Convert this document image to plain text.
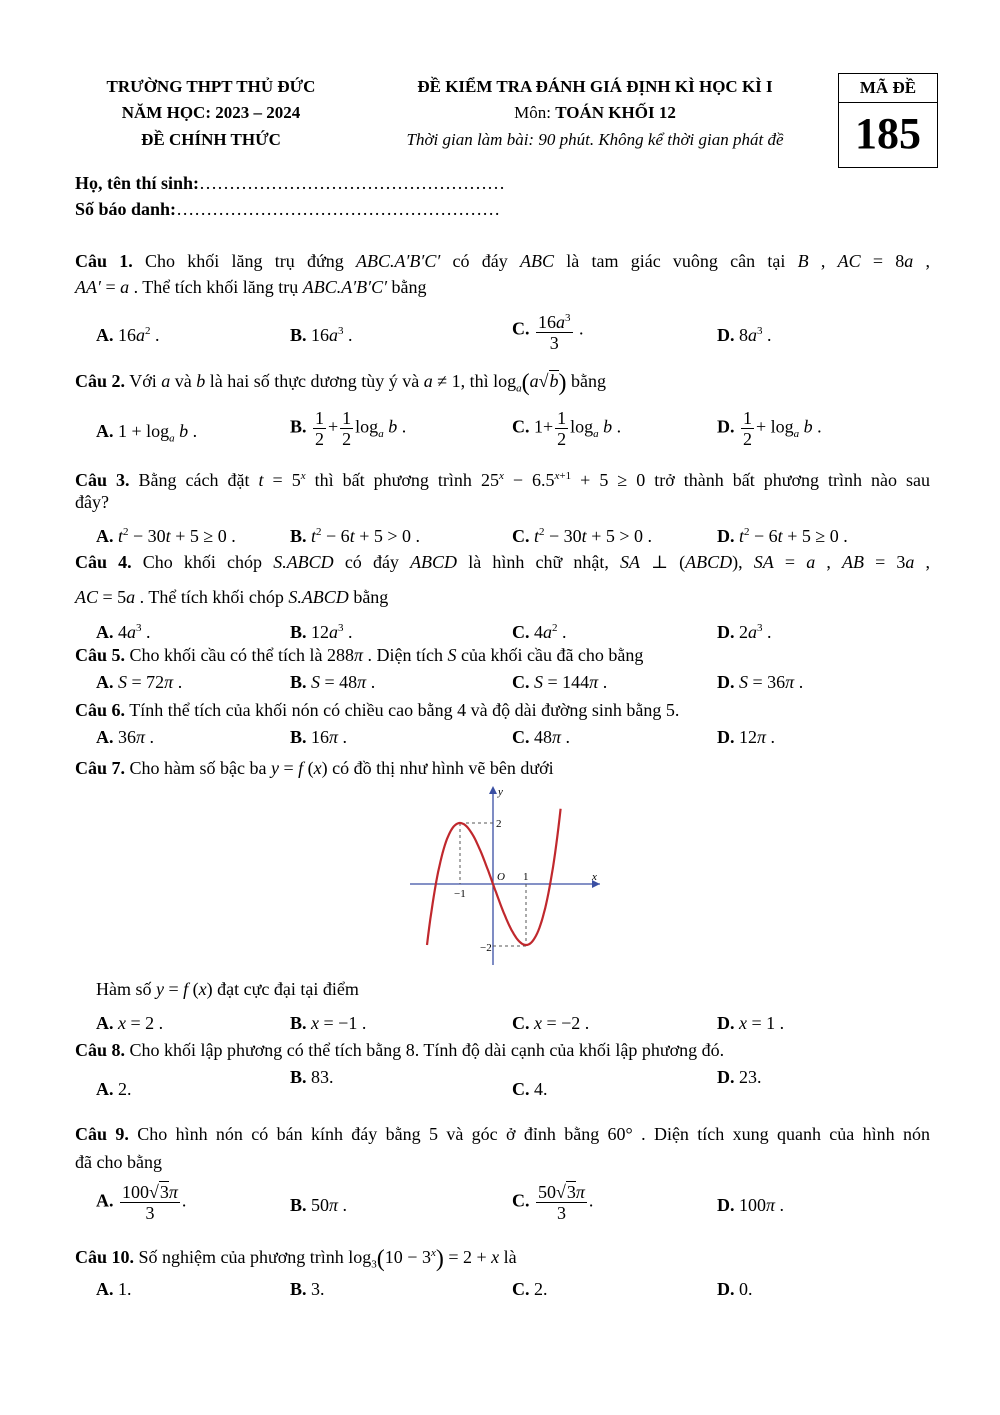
TRƯỜNG THPT THỦ ĐỨC
NĂM HỌC: 2023 – 2024
ĐỀ CHÍNH THỨC
ĐỀ KIỂM TRA ĐÁNH GIÁ ĐỊNH KÌ HỌC KÌ I
Môn: TOÁN KHỐI 12
Thời gian làm bài: 90 phút. Không kể thời gian phát đề
MÃ ĐỀ
185
Họ, tên thí sinh:……………………………………………
Số báo danh:………………………………………………
Câu 1. Cho khối lăng trụ đứng ABC.A′B′C′ có đáy ABC là tam giác vuông cân tại B , AC = 8a ,
AA′ = a . Thể tích khối lăng trụ ABC.A′B′C′ bằng
A. $16a^2$ .	B. $16a^3$ .	C. $\frac{16a^3}{3}$ .	D. $8a^3$ .
Câu 2. Với a và b là hai số thực dương tùy ý và a ≠ 1, thì $\log_a(a√b)$ bằng
A. $1 + \log_a b$ .	B. $\frac{1}{2} + \frac{1}{2} \log_a b$ .	C. $1+ \frac{1}{2} \log_a b$ .	D. $\frac{1}{2} + \log_a b$ .
Câu 3. Bằng cách đặt $t = 5^x$ thì bất phương trình $25^x - 6.5^{x+1} + 5 \ge 0$ trở thành bất phương trình nào sau
đây?
A. $t^2 - 30t + 5 \ge 0$ .	B. $t^2 - 6t + 5 > 0$ .	C. $t^2 - 30t + 5 > 0$ .	D. $t^2 - 6t + 5 \ge 0$ .
Câu 4. Cho khối chóp S.ABCD có đáy ABCD là hình chữ nhật, SA ⊥ (ABCD), SA = a , AB = 3a ,
AC = 5a . Thể tích khối chóp S.ABCD bằng
A. $4a^3$ .	B. $12a^3$ .	C. $4a^2$ .	D. $2a^3$ .
Câu 5. Cho khối cầu có thể tích là 288π . Diện tích S của khối cầu đã cho bằng
A. S = 72π .	B. S = 48π .	C. S = 144π .	D. S = 36π .
Câu 6. Tính thể tích của khối nón có chiều cao bằng 4 và độ dài đường sinh bằng 5.
A. 36π .	B. 16π .	C. 48π .	D. 12π .
Câu 7. Cho hàm số bậc ba y = f (x) có đồ thị như hình vẽ bên dưới
y
x
O
2
−2
−1
1
Hàm số y = f (x) đạt cực đại tại điểm
A. x = 2 .	B. x = −1 .	C. x = −2 .	D. x = 1 .
Câu 8. Cho khối lập phương có thể tích bằng 8. Tính độ dài cạnh của khối lập phương đó.
A. 2.
B. 83.
C. 4.
D. 23.
Câu 9. Cho hình nón có bán kính đáy bằng 5 và góc ở đỉnh bằng 60° . Diện tích xung quanh của hình nón
đã cho bằng
A. $\frac{100√3\pi}{3}$ .	B. 50π .	C. $\frac{50√3\pi}{3}$ .	D. 100π .
Câu 10. Số nghiệm của phương trình $\log_3(10 - 3^x) = 2 + x$ là
A. 1.	B. 3.	C. 2.	D. 0.
